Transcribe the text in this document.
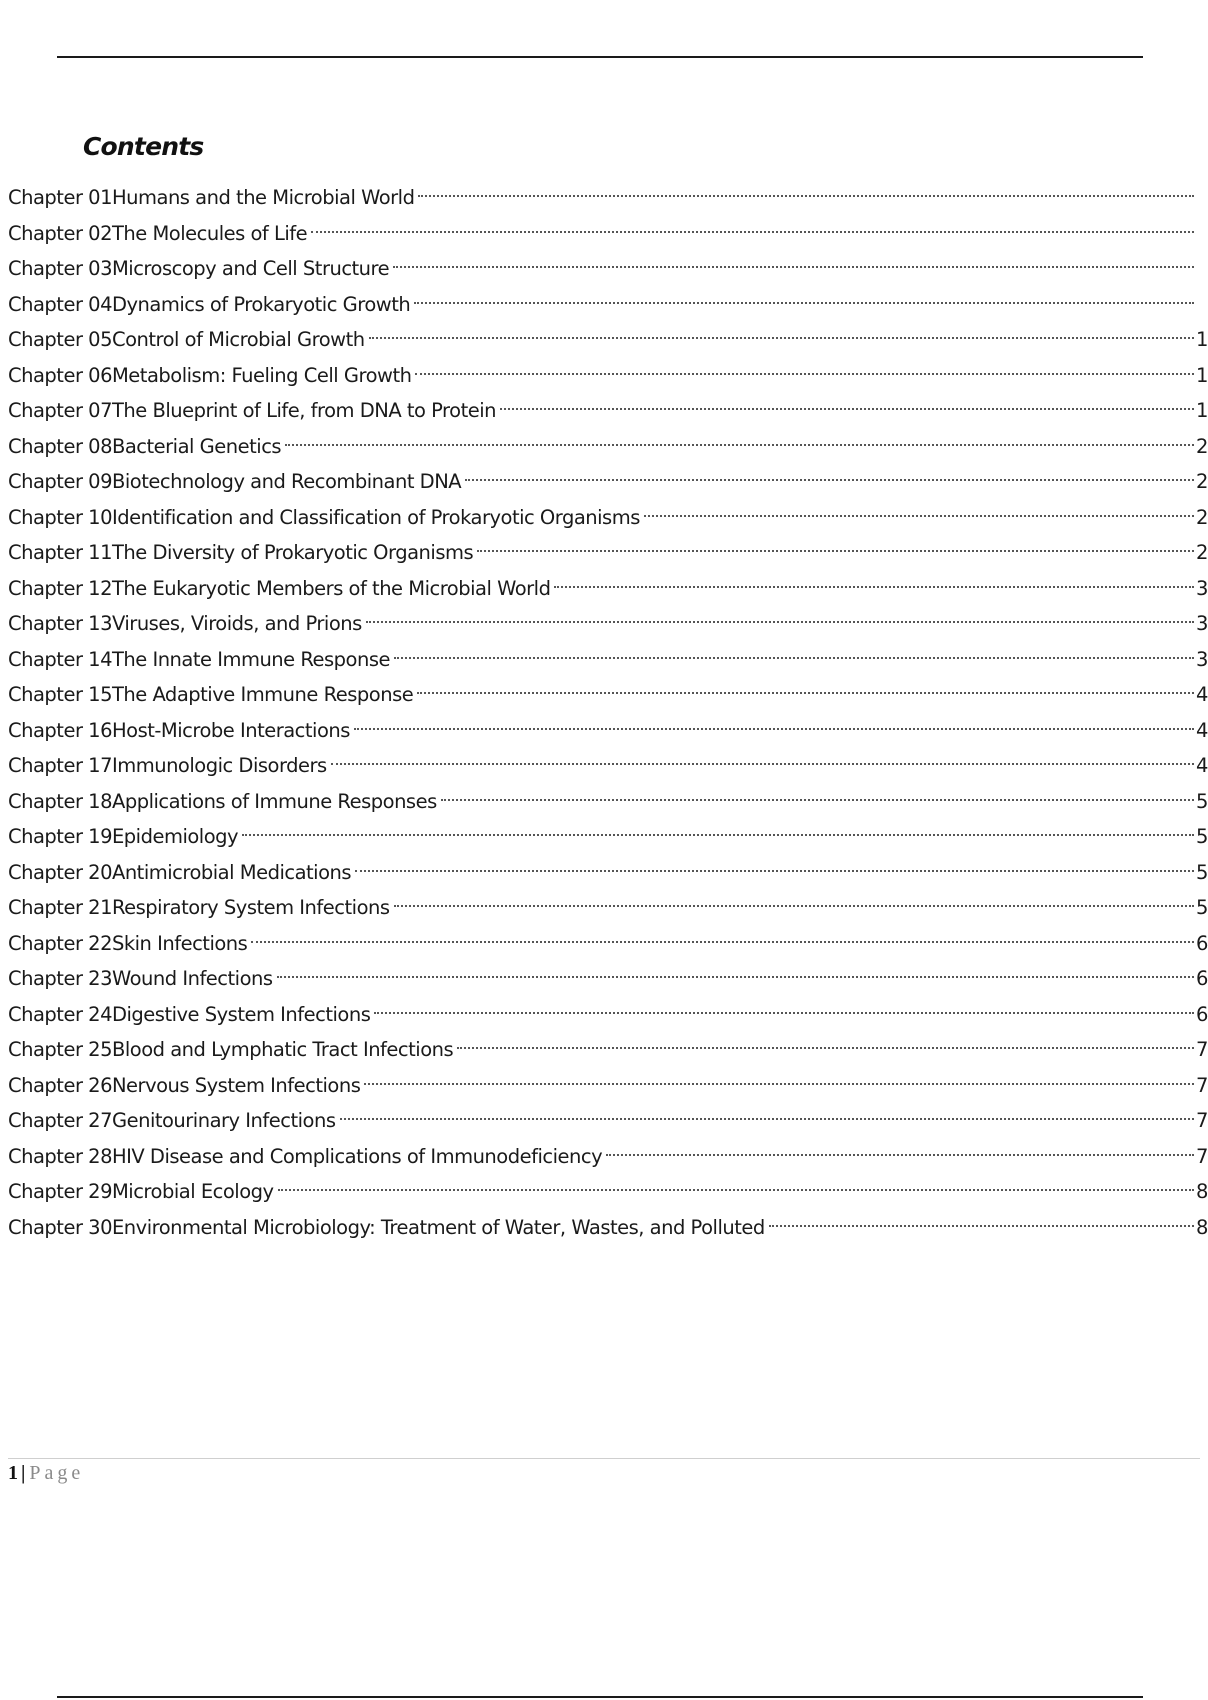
Contents
Chapter 01Humans and the Microbial World
Chapter 02The Molecules of Life
Chapter 03Microscopy and Cell Structure
Chapter 04Dynamics of Prokaryotic Growth
Chapter 05Control of Microbial Growth	1
Chapter 06Metabolism: Fueling Cell Growth	1
Chapter 07The Blueprint of Life, from DNA to Protein	1
Chapter 08Bacterial Genetics	2
Chapter 09Biotechnology and Recombinant DNA	2
Chapter 10Identification and Classification of Prokaryotic Organisms	2
Chapter 11The Diversity of Prokaryotic Organisms	2
Chapter 12The Eukaryotic Members of the Microbial World	3
Chapter 13Viruses, Viroids, and Prions	3
Chapter 14The Innate Immune Response	3
Chapter 15The Adaptive Immune Response	4
Chapter 16Host-Microbe Interactions	4
Chapter 17Immunologic Disorders	4
Chapter 18Applications of Immune Responses	5
Chapter 19Epidemiology	5
Chapter 20Antimicrobial Medications	5
Chapter 21Respiratory System Infections	5
Chapter 22Skin Infections	6
Chapter 23Wound Infections	6
Chapter 24Digestive System Infections	6
Chapter 25Blood and Lymphatic Tract Infections	7
Chapter 26Nervous System Infections	7
Chapter 27Genitourinary Infections	7
Chapter 28HIV Disease and Complications of Immunodeficiency	7
Chapter 29Microbial Ecology	8
Chapter 30Environmental Microbiology: Treatment of Water, Wastes, and Polluted	8
1 | Page
